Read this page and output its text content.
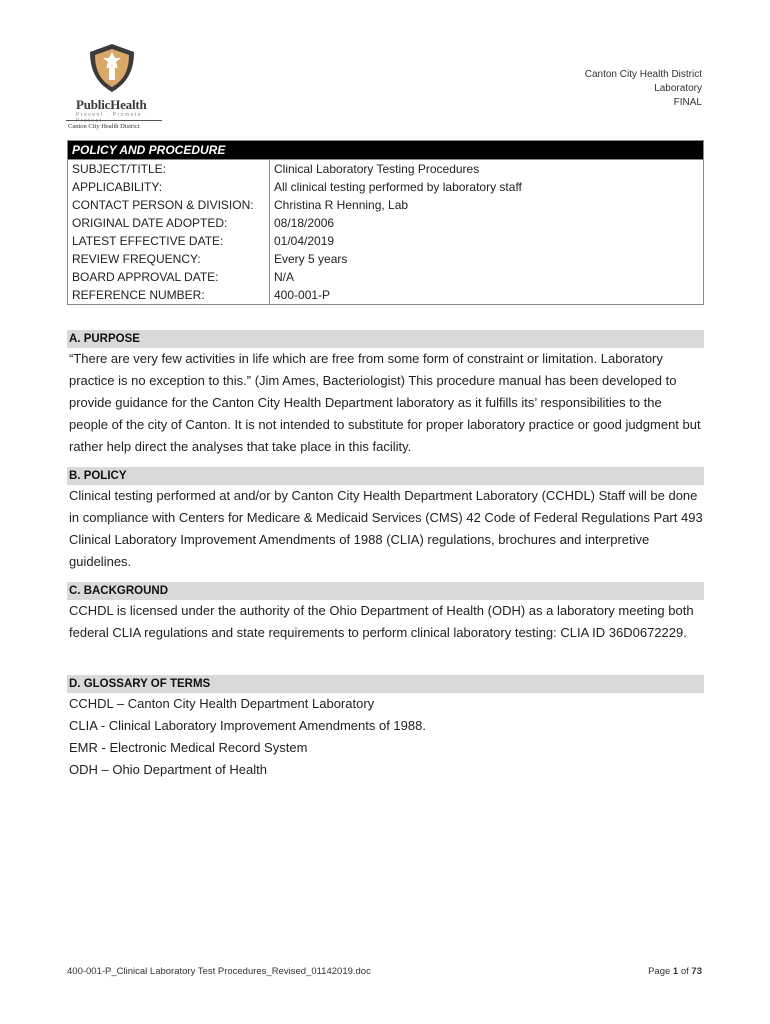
PublicHealth
Prevent · Promote · Protect
Canton City Health District
Canton City Health District
Laboratory
FINAL
POLICY AND PROCEDURE	
SUBJECT/TITLE:	Clinical Laboratory Testing Procedures
APPLICABILITY:	All clinical testing performed by laboratory staff
CONTACT PERSON & DIVISION:	Christina R Henning, Lab
ORIGINAL DATE ADOPTED:	08/18/2006
LATEST EFFECTIVE DATE:	01/04/2019
REVIEW FREQUENCY:	Every 5 years
BOARD APPROVAL DATE:	N/A
REFERENCE NUMBER:	400-001-P
A. PURPOSE

“There are very few activities in life which are free from some form of constraint or limitation. Laboratory practice is no exception to this.” (Jim Ames, Bacteriologist) This procedure manual has been developed to provide guidance for the Canton City Health Department laboratory as it fulfills its’ responsibilities to the people of the city of Canton. It is not intended to substitute for proper laboratory practice or good judgment but rather help direct the analyses that take place in this facility.

B. POLICY

Clinical testing performed at and/or by Canton City Health Department Laboratory (CCHDL) Staff will be done in compliance with Centers for Medicare & Medicaid Services (CMS) 42 Code of Federal Regulations Part 493 Clinical Laboratory Improvement Amendments of 1988 (CLIA) regulations, brochures and interpretive guidelines.

C. BACKGROUND

CCHDL is licensed under the authority of the Ohio Department of Health (ODH) as a laboratory meeting both federal CLIA regulations and state requirements to perform clinical laboratory testing: CLIA ID 36D0672229.

D. GLOSSARY OF TERMS

CCHDL – Canton City Health Department Laboratory

CLIA - Clinical Laboratory Improvement Amendments of 1988.

EMR - Electronic Medical Record System

ODH – Ohio Department of Health

400-001-P_Clinical Laboratory Test Procedures_Revised_01142019.doc	Page 1 of 73
